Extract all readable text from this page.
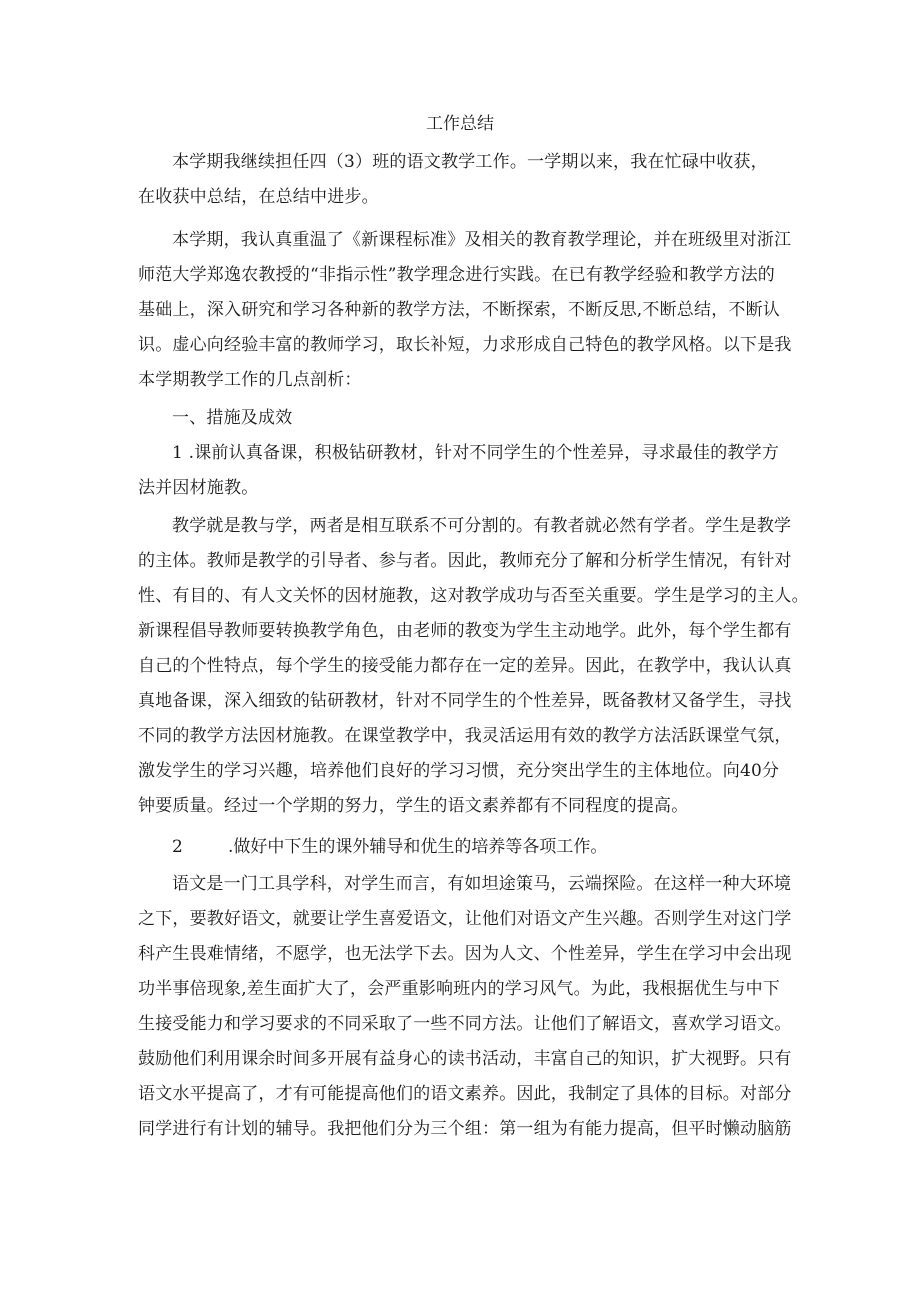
工作总结
本学期我继续担任四（3）班的语文教学工作。一学期以来，我在忙碌中收获，
在收获中总结，在总结中进步。
本学期，我认真重温了《新课程标准》及相关的教育教学理论，并在班级里对浙江
师范大学郑逸农教授的“非指示性”教学理念进行实践。在已有教学经验和教学方法的
基础上，深入研究和学习各种新的教学方法，不断探索，不断反思,不断总结，不断认
识。虚心向经验丰富的教师学习，取长补短，力求形成自己特色的教学风格。以下是我
本学期教学工作的几点剖析：
一、措施及成效
1 .课前认真备课，积极钻研教材，针对不同学生的个性差异，寻求最佳的教学方
法并因材施教。
教学就是教与学，两者是相互联系不可分割的。有教者就必然有学者。学生是教学
的主体。教师是教学的引导者、参与者。因此，教师充分了解和分析学生情况，有针对
性、有目的、有人文关怀的因材施教，这对教学成功与否至关重要。学生是学习的主人。
新课程倡导教师要转换教学角色，由老师的教变为学生主动地学。此外，每个学生都有
自己的个性特点，每个学生的接受能力都存在一定的差异。因此，在教学中，我认认真
真地备课，深入细致的钻研教材，针对不同学生的个性差异，既备教材又备学生，寻找
不同的教学方法因材施教。在课堂教学中，我灵活运用有效的教学方法活跃课堂气氛，
激发学生的学习兴趣，培养他们良好的学习习惯，充分突出学生的主体地位。向40分
钟要质量。经过一个学期的努力，学生的语文素养都有不同程度的提高。
2	.做好中下生的课外辅导和优生的培养等各项工作。
语文是一门工具学科，对学生而言，有如坦途策马，云端探险。在这样一种大环境
之下，要教好语文，就要让学生喜爱语文，让他们对语文产生兴趣。否则学生对这门学
科产生畏难情绪，不愿学，也无法学下去。因为人文、个性差异，学生在学习中会出现
功半事倍现象,差生面扩大了，会严重影响班内的学习风气。为此，我根据优生与中下
生接受能力和学习要求的不同采取了一些不同方法。让他们了解语文，喜欢学习语文。
鼓励他们利用课余时间多开展有益身心的读书活动，丰富自己的知识，扩大视野。只有
语文水平提高了，才有可能提高他们的语文素养。因此，我制定了具体的目标。对部分
同学进行有计划的辅导。我把他们分为三个组：第一组为有能力提高，但平时懒动脑筋
